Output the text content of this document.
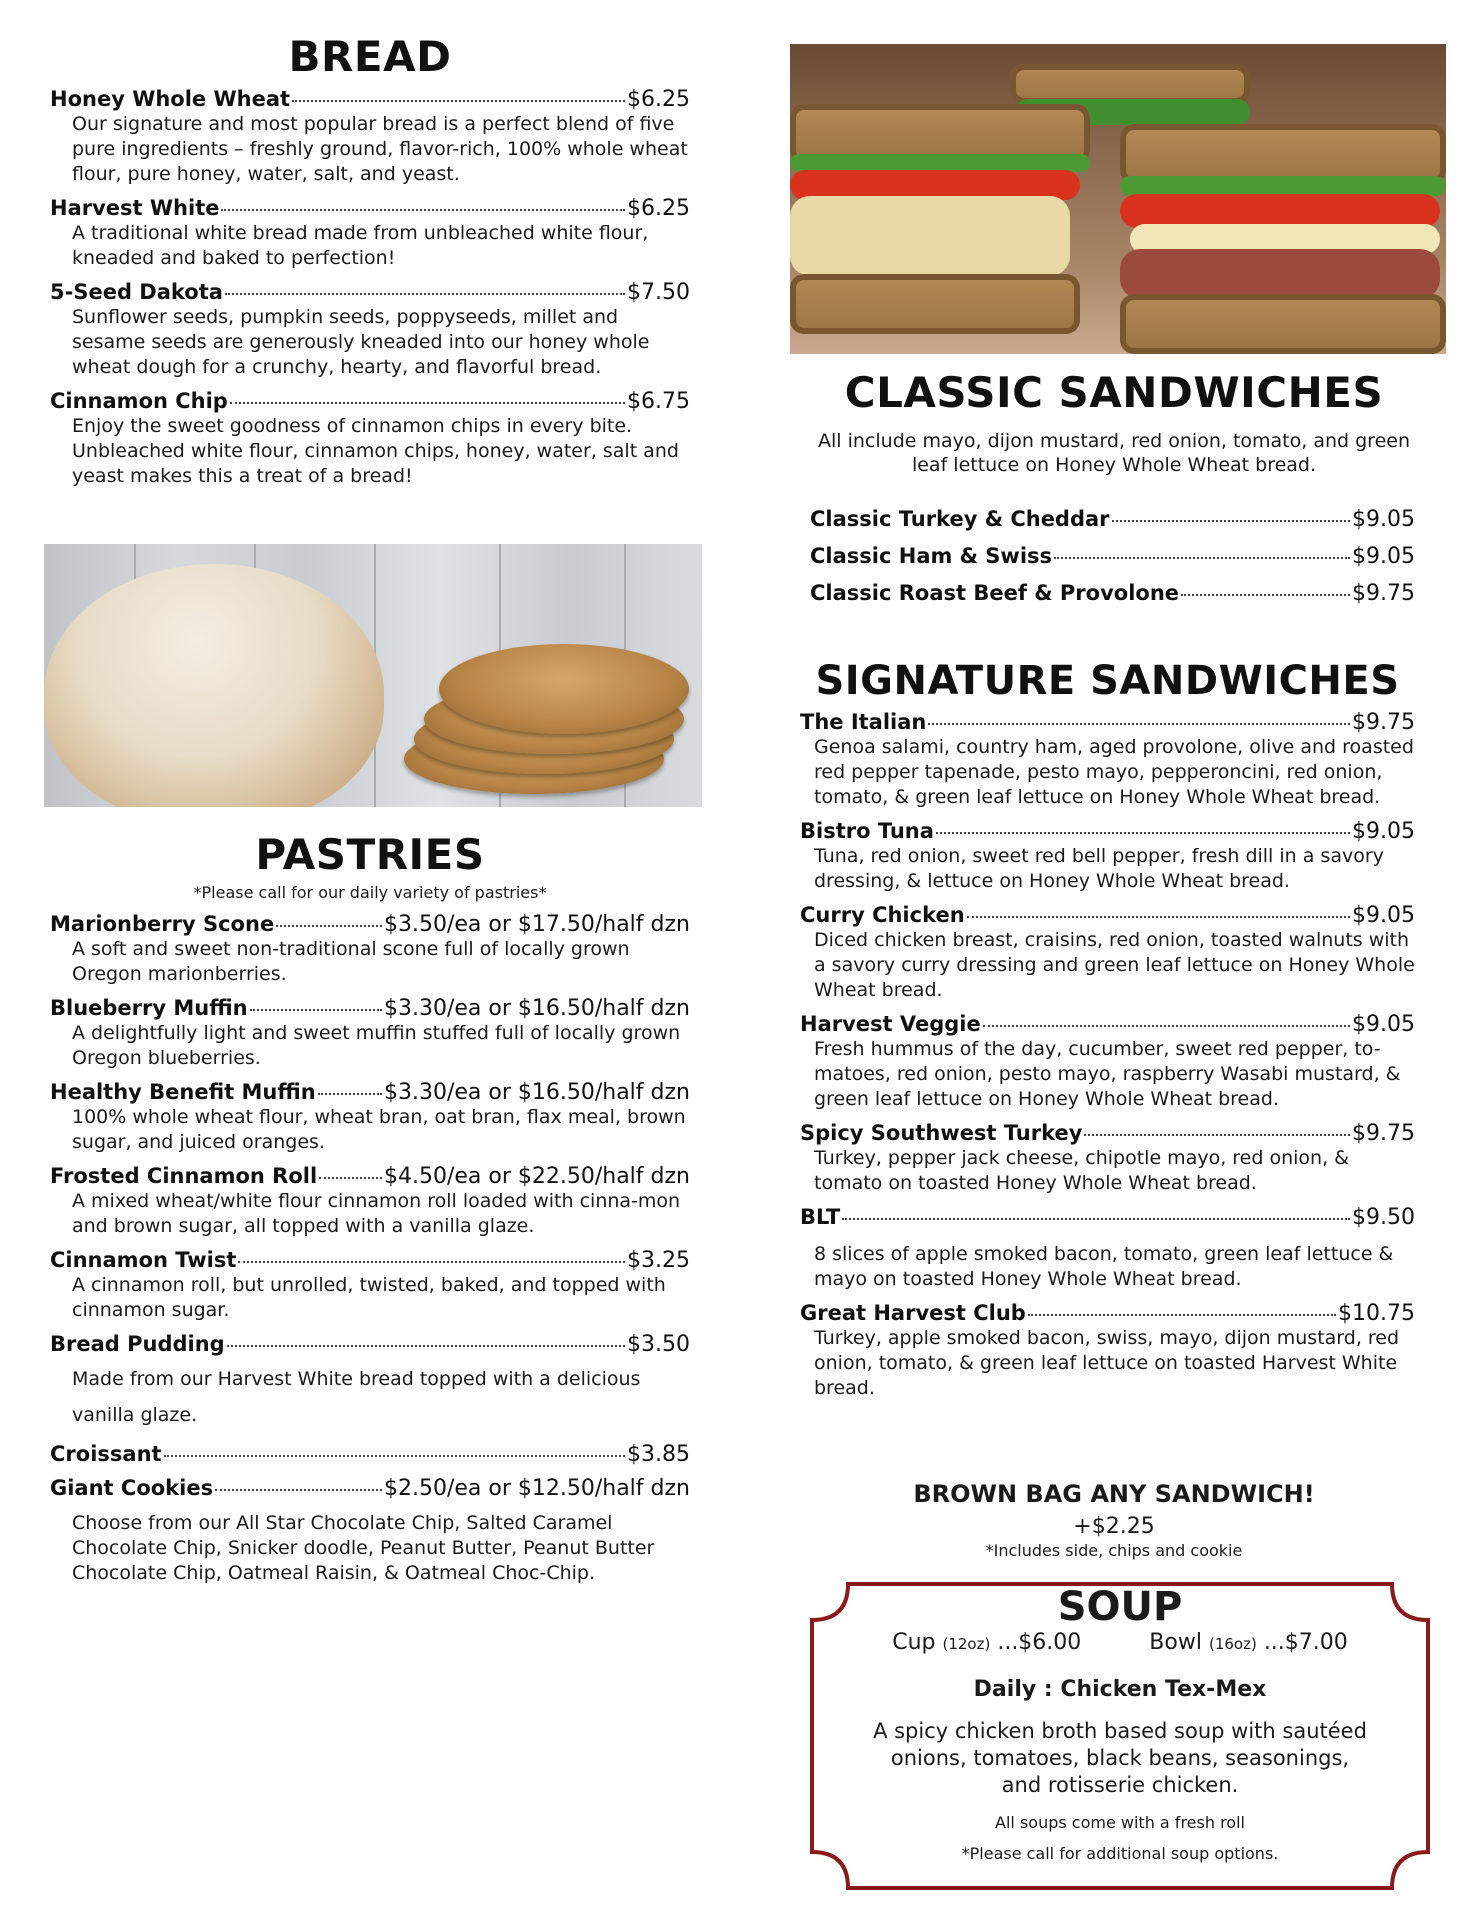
BREAD
Honey Whole Wheat	$6.25
Our signature and most popular bread is a perfect blend of five pure ingredients – freshly ground, flavor-rich, 100% whole wheat flour, pure honey, water, salt, and yeast.
Harvest White	$6.25
A traditional white bread made from unbleached white flour, kneaded and baked to perfection!
5-Seed Dakota	$7.50
Sunflower seeds, pumpkin seeds, poppyseeds, millet and sesame seeds are generously kneaded into our honey whole wheat dough for a crunchy, hearty, and flavorful bread.
Cinnamon Chip	$6.75
Enjoy the sweet goodness of cinnamon chips in every bite. Unbleached white flour, cinnamon chips, honey, water, salt and yeast makes this a treat of a bread!
PASTRIES
*Please call for our daily variety of pastries*
Marionberry Scone	$3.50/ea or $17.50/half dzn
A soft and sweet non-traditional scone full of locally grown Oregon marionberries.
Blueberry Muffin	$3.30/ea or $16.50/half dzn
A delightfully light and sweet muffin stuffed full of locally grown Oregon blueberries.
Healthy Benefit Muffin	$3.30/ea or $16.50/half dzn
100% whole wheat flour, wheat bran, oat bran, flax meal, brown sugar, and juiced oranges.
Frosted Cinnamon Roll	$4.50/ea or $22.50/half dzn
A mixed wheat/white flour cinnamon roll loaded with cinna-mon and brown sugar, all topped with a vanilla glaze.
Cinnamon Twist	$3.25
A cinnamon roll, but unrolled, twisted, baked, and topped with cinnamon sugar.
Bread Pudding	$3.50
Made from our Harvest White bread topped with a delicious vanilla glaze.
Croissant	$3.85
Giant Cookies	$2.50/ea or $12.50/half dzn
Choose from our All Star Chocolate Chip, Salted Caramel Chocolate Chip, Snicker doodle, Peanut Butter, Peanut Butter Chocolate Chip, Oatmeal Raisin, & Oatmeal Choc-Chip.
CLASSIC SANDWICHES
All include mayo, dijon mustard, red onion, tomato, and green leaf lettuce on Honey Whole Wheat bread.
Classic Turkey & Cheddar	$9.05
Classic Ham & Swiss	$9.05
Classic Roast Beef & Provolone	$9.75
SIGNATURE SANDWICHES
The Italian	$9.75
Genoa salami, country ham, aged provolone, olive and roasted red pepper tapenade, pesto mayo, pepperoncini, red onion, tomato, & green leaf lettuce on Honey Whole Wheat bread.
Bistro Tuna	$9.05
Tuna, red onion, sweet red bell pepper, fresh dill in a savory dressing, & lettuce on Honey Whole Wheat bread.
Curry Chicken	$9.05
Diced chicken breast, craisins, red onion, toasted walnuts with a savory curry dressing and green leaf lettuce on Honey Whole Wheat bread.
Harvest Veggie	$9.05
Fresh hummus of the day, cucumber, sweet red pepper, to-matoes, red onion, pesto mayo, raspberry Wasabi mustard, & green leaf lettuce on Honey Whole Wheat bread.
Spicy Southwest Turkey	$9.75
Turkey, pepper jack cheese, chipotle mayo, red onion, & tomato on toasted Honey Whole Wheat bread.
BLT	$9.50
8 slices of apple smoked bacon, tomato, green leaf lettuce & mayo on toasted Honey Whole Wheat bread.
Great Harvest Club	$10.75
Turkey, apple smoked bacon, swiss, mayo, dijon mustard, red onion, tomato, & green leaf lettuce on toasted Harvest White bread.
BROWN BAG ANY SANDWICH!
+$2.25
*Includes side, chips and cookie
SOUP
Cup (12oz) ...$6.00	Bowl (16oz) ...$7.00
Daily : Chicken Tex-Mex
A spicy chicken broth based soup with sautéed onions, tomatoes, black beans, seasonings, and rotisserie chicken.
All soups come with a fresh roll
*Please call for additional soup options.
